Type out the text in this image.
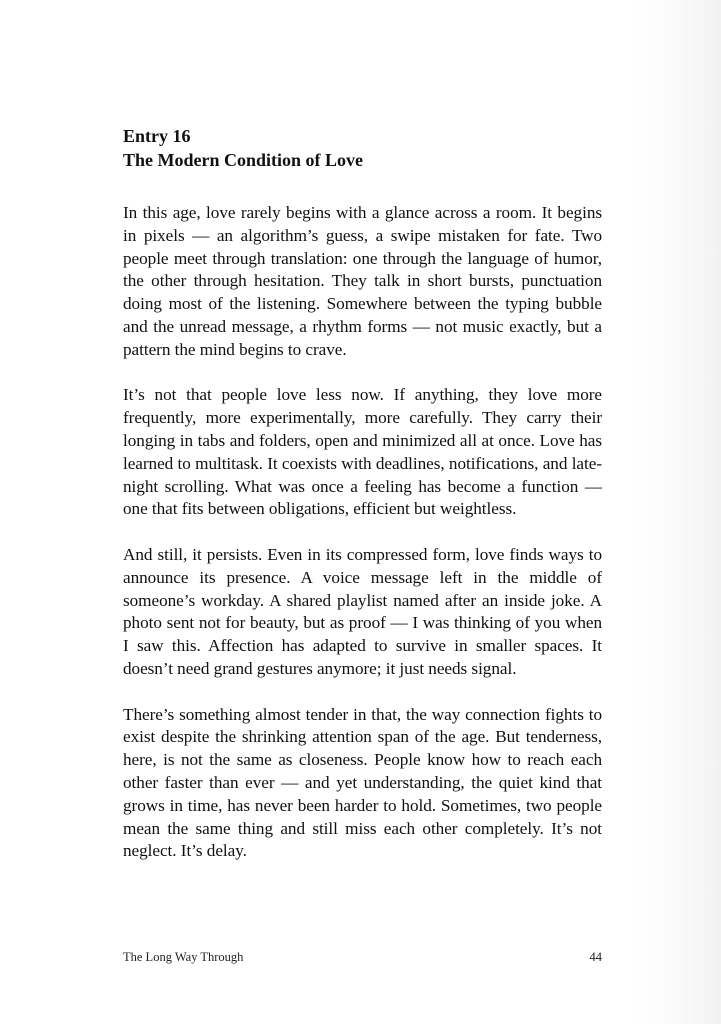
Entry 16
The Modern Condition of Love

In this age, love rarely begins with a glance across a room. It begins in pixels — an algorithm’s guess, a swipe mistaken for fate. Two people meet through translation: one through the language of humor, the other through hesitation. They talk in short bursts, punctuation doing most of the listening. Somewhere between the typing bubble and the unread message, a rhythm forms — not music exactly, but a pattern the mind begins to crave.

It’s not that people love less now. If anything, they love more frequently, more experimentally, more carefully. They carry their longing in tabs and folders, open and minimized all at once. Love has learned to multitask. It coexists with deadlines, notifications, and late-night scrolling. What was once a feeling has become a function — one that fits between obligations, efficient but weightless.

And still, it persists. Even in its compressed form, love finds ways to announce its presence. A voice message left in the middle of someone’s workday. A shared playlist named after an inside joke. A photo sent not for beauty, but as proof — I was thinking of you when I saw this. Affection has adapted to survive in smaller spaces. It doesn’t need grand gestures anymore; it just needs signal.

There’s something almost tender in that, the way connection fights to exist despite the shrinking attention span of the age. But tenderness, here, is not the same as closeness. People know how to reach each other faster than ever — and yet understanding, the quiet kind that grows in time, has never been harder to hold. Sometimes, two people mean the same thing and still miss each other completely. It’s not neglect. It’s delay.

The Long Way Through	44
